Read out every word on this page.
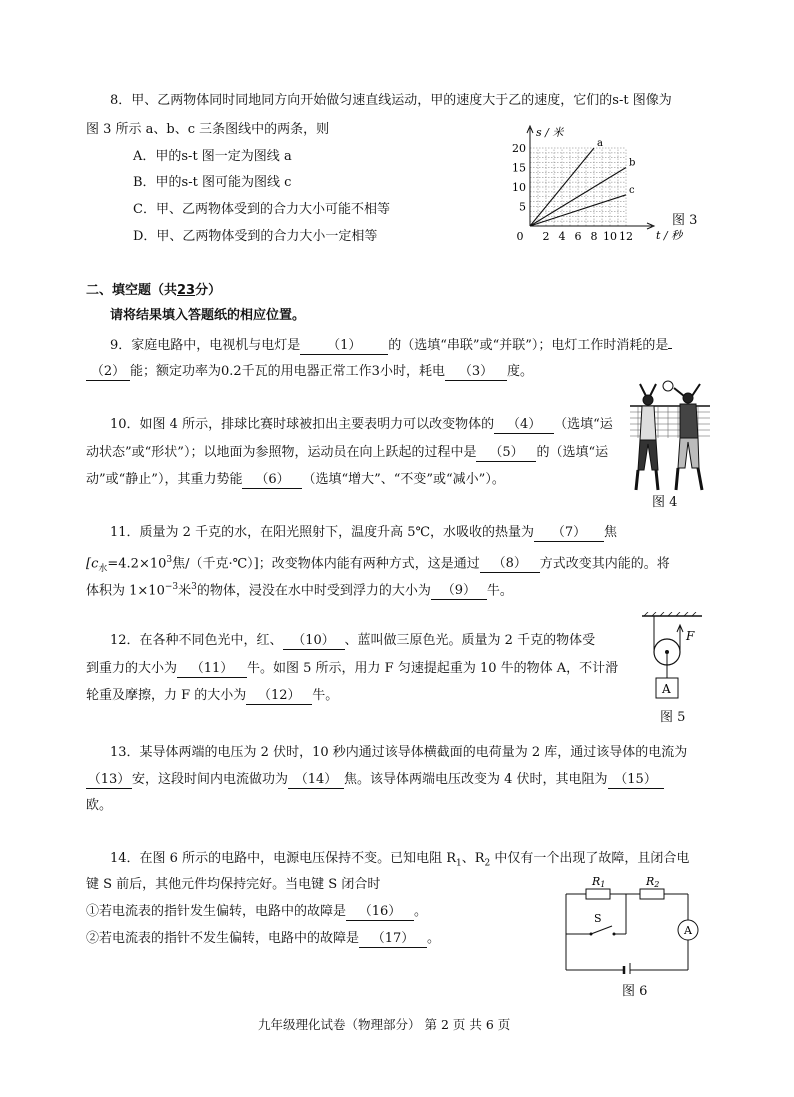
8．甲、乙两物体同时同地同方向开始做匀速直线运动，甲的速度大于乙的速度，它们的s-t 图像为
图 3 所示 a、b、c 三条图线中的两条，则
A．甲的s-t 图一定为图线 a
B．甲的s-t 图可能为图线 c
C．甲、乙两物体受到的合力大小可能不相等
D．甲、乙两物体受到的合力大小一定相等	0 2 4 6 8 10 12
5
10
15
20	a
b
c
s / 米
t / 秒
图 3
二、填空题（共23分）
请将结果填入答题纸的相应位置。
9．家庭电路中，电视机与电灯是 （1） 的（选填“串联”或“并联”）；电灯工作时消耗的是
（2） 能；额定功率为0.2千瓦的用电器正常工作3小时，耗电 （3） 度。
10．如图 4 所示，排球比赛时球被扣出主要表明力可以改变物体的 （4） （选填“运
动状态”或“形状”）；以地面为参照物，运动员在向上跃起的过程中是 （5） 的（选填“运
动”或“静止”），其重力势能 （6） （选填“增大”、“不变”或“减小”）。
图 4
11．质量为 2 千克的水，在阳光照射下，温度升高 5℃，水吸收的热量为 （7） 焦
[$c_水=4.2\times 10^3$焦/（千克·℃）]；改变物体内能有两种方式，这是通过 （8） 方式改变其内能的。将
体积为 $1\times 10^{-3}$米$^3$的物体，浸没在水中时受到浮力的大小为 （9） 牛。
12．在各种不同色光中，红、 （10） 、蓝叫做三原色光。质量为 2 千克的物体受
到重力的大小为 （11） 牛。如图 5 所示，用力 F 匀速提起重为 10 牛的物体 A，不计滑
轮重及摩擦，力 F 的大小为 （12） 牛。
F
A
图 5
13．某导体两端的电压为 2 伏时，10 秒内通过该导体横截面的电荷量为 2 库，通过该导体的电流为
（13） 安，这段时间内电流做功为 （14） 焦。该导体两端电压改变为 4 伏时，其电阻为 （15）
欧。
14．在图 6 所示的电路中，电源电压保持不变。已知电阻 $R_1$、$R_2$ 中仅有一个出现了故障，且闭合电
键 S 前后，其他元件均保持完好。当电键 S 闭合时
①若电流表的指针发生偏转，电路中的故障是 （16） 。
②若电流表的指针不发生偏转，电路中的故障是 （17） 。
A
S
R1	R2
图 6
九年级理化试卷（物理部分） 第 2 页 共 6 页
